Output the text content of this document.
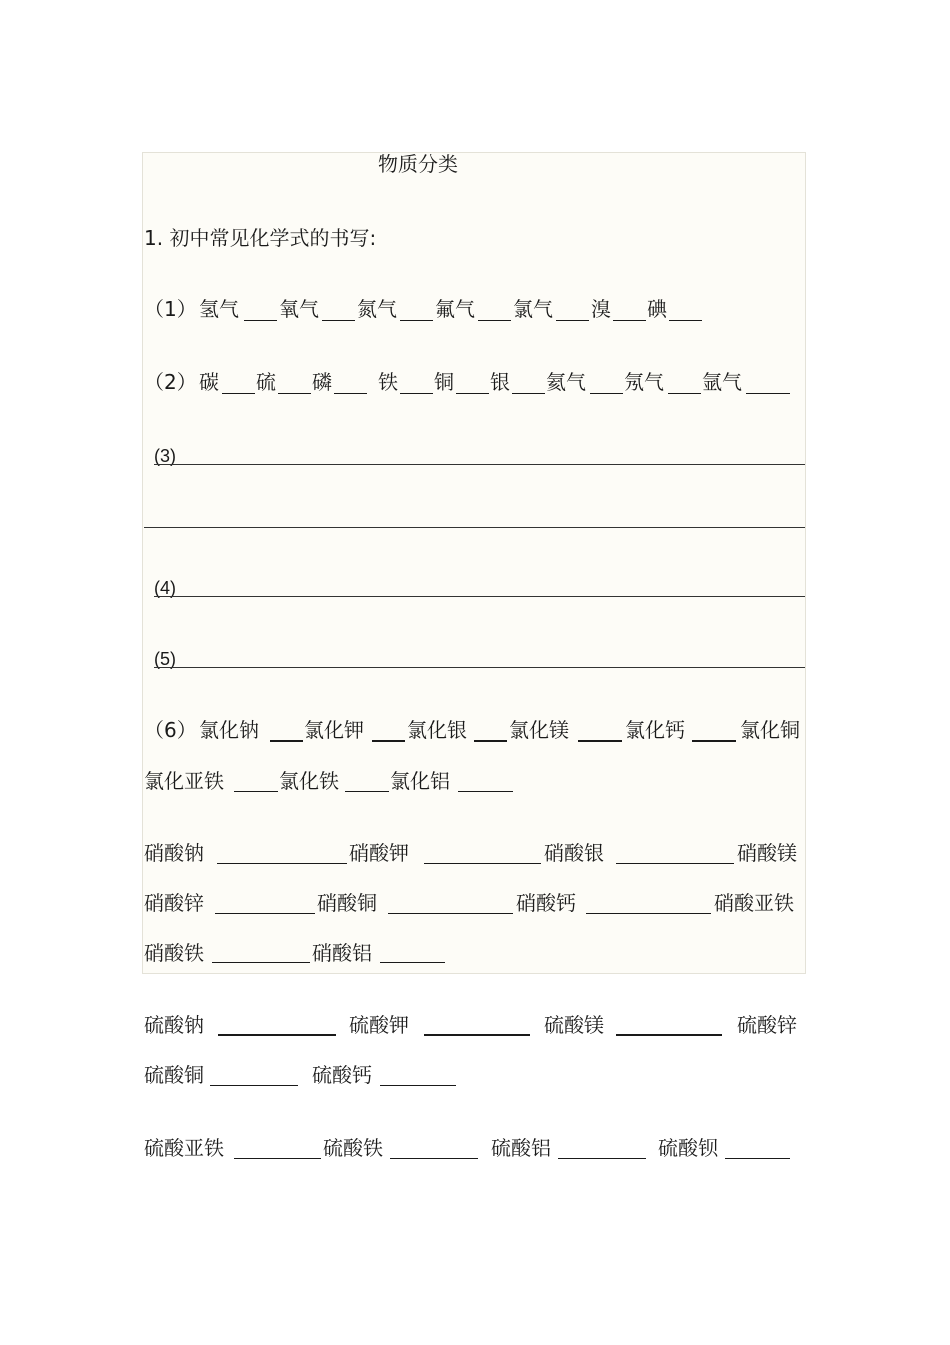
物质分类
1. 初中常见化学式的书写:
（1） 氢气 氧气 氮气 氟气 氯气 溴 碘
（2） 碳 硫 磷 铁 铜 银 氦气 氖气 氩气
(3)
(4)
(5)
（6） 氯化钠 氯化钾 氯化银 氯化镁	氯化钙	氯化铜
氯化亚铁	氯化铁	氯化铝
硝酸钠	硝酸钾	硝酸银	硝酸镁
硝酸锌	硝酸铜	硝酸钙	硝酸亚铁
硝酸铁	硝酸铝
硫酸钠	硫酸钾	硫酸镁	硫酸锌
硫酸铜	硫酸钙
硫酸亚铁	硫酸铁	硫酸铝	硫酸钡
